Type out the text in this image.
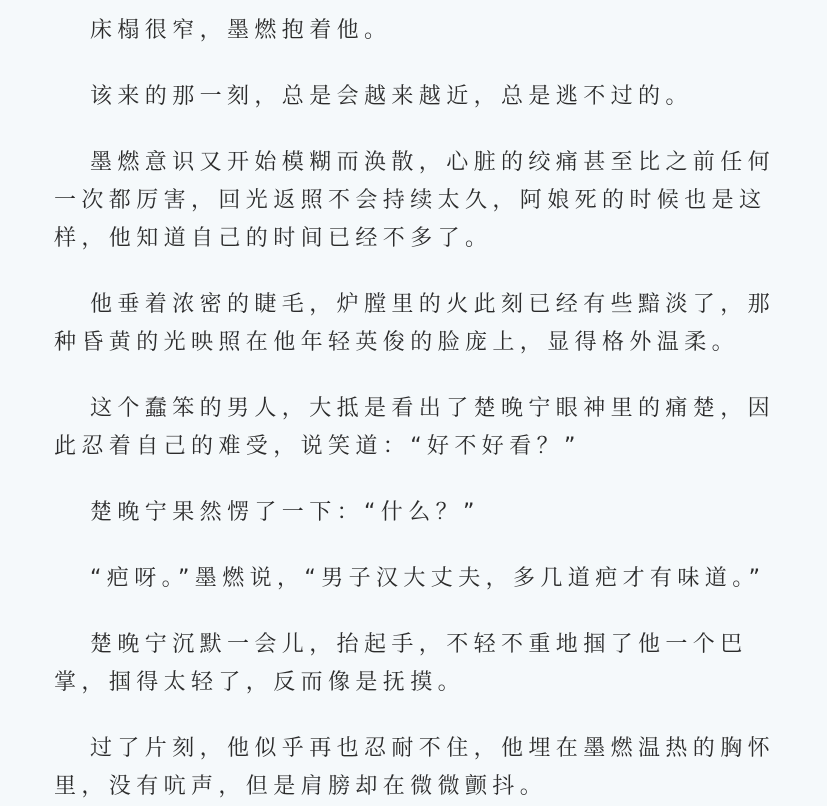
床榻很窄，墨燃抱着他。

该来的那一刻，总是会越来越近，总是逃不过的。

墨燃意识又开始模糊而涣散，心脏的绞痛甚至比之前任何一次都厉害，回光返照不会持续太久，阿娘死的时候也是这样，他知道自己的时间已经不多了。

他垂着浓密的睫毛，炉膛里的火此刻已经有些黯淡了，那种昏黄的光映照在他年轻英俊的脸庞上，显得格外温柔。

这个蠢笨的男人，大抵是看出了楚晚宁眼神里的痛楚，因此忍着自己的难受，说笑道：“好不好看？”

楚晚宁果然愣了一下：“什么？”

“疤呀。”墨燃说，“男子汉大丈夫，多几道疤才有味道。”

楚晚宁沉默一会儿，抬起手，不轻不重地掴了他一个巴掌，掴得太轻了，反而像是抚摸。

过了片刻，他似乎再也忍耐不住，他埋在墨燃温热的胸怀里，没有吭声，但是肩膀却在微微颤抖。
